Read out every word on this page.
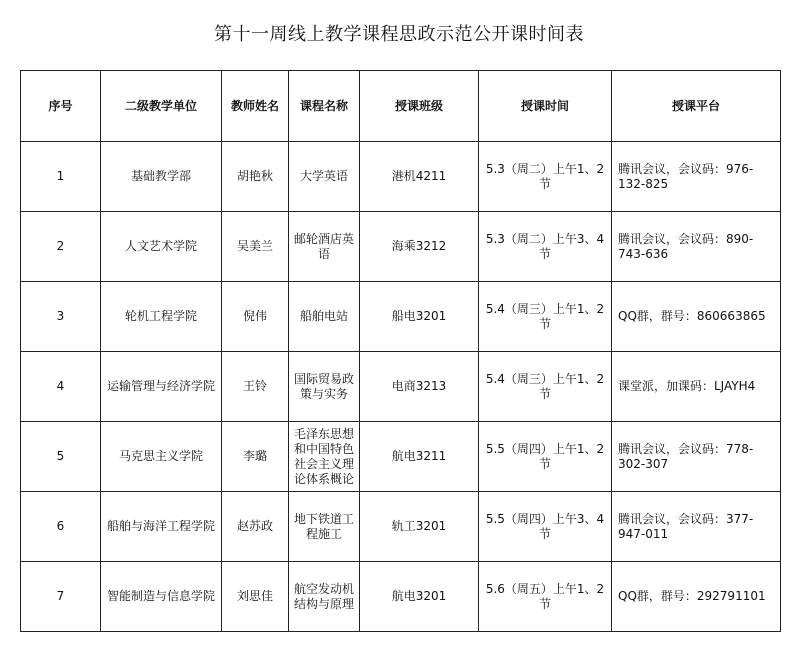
第十一周线上教学课程思政示范公开课时间表
序号	二级教学单位	教师姓名	课程名称	授课班级	授课时间	授课平台
1	基础教学部	胡艳秋	大学英语	港机4211	5.3（周二）上午1、2节	腾讯会议，会议码：976-132-825
2	人文艺术学院	吴美兰	邮轮酒店英语	海乘3212	5.3（周二）上午3、4节	腾讯会议，会议码：890-743-636
3	轮机工程学院	倪伟	船舶电站	船电3201	5.4（周三）上午1、2节	QQ群，群号：860663865
4	运输管理与经济学院	王铃	国际贸易政策与实务	电商3213	5.4（周三）上午1、2节	课堂派，加课码：LJAYH4
5	马克思主义学院	李璐	毛泽东思想和中国特色社会主义理论体系概论	航电3211	5.5（周四）上午1、2节	腾讯会议，会议码：778-302-307
6	船舶与海洋工程学院	赵苏政	地下铁道工程施工	轨工3201	5.5（周四）上午3、4节	腾讯会议，会议码：377-947-011
7	智能制造与信息学院	刘思佳	航空发动机结构与原理	航电3201	5.6（周五）上午1、2节	QQ群，群号：292791101
